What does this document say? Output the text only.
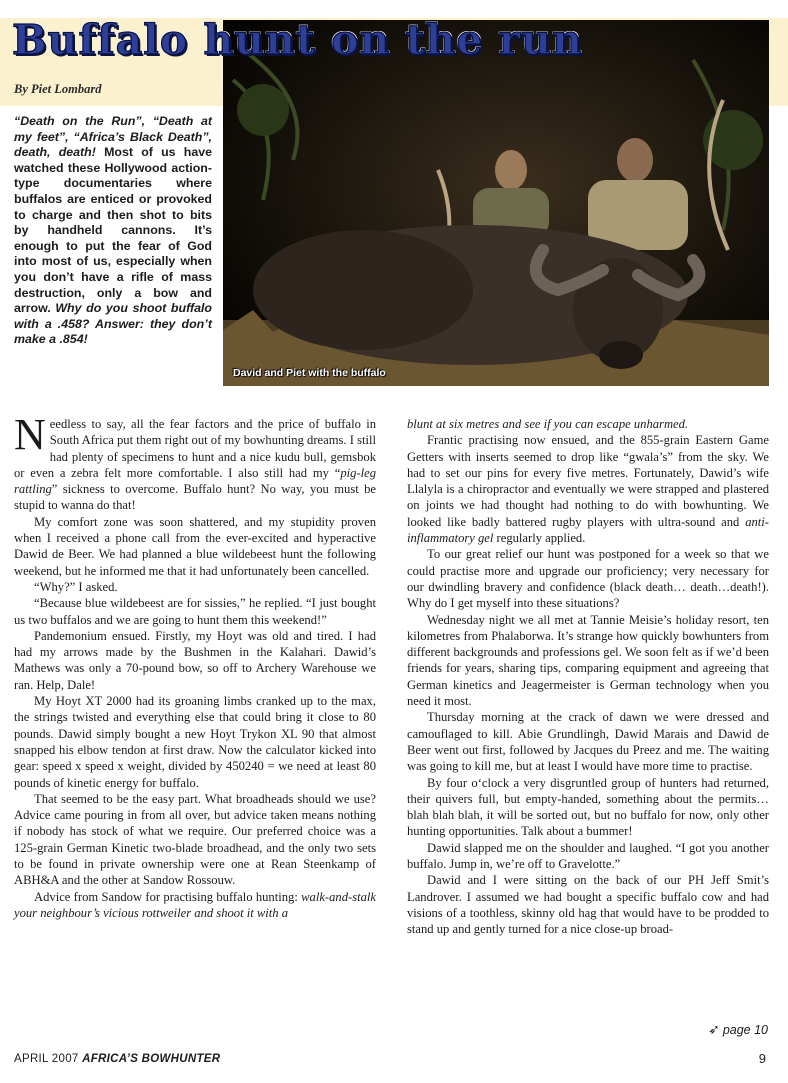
Buffalo hunt on the run
By Piet Lombard
David and Piet with the buffalo
“Death on the Run”, “Death at my feet”, “Africa’s Black Death”, death, death! Most of us have watched these Hollywood action-type documentaries where buffalos are enticed or provoked to charge and then shot to bits by handheld cannons. It’s enough to put the fear of God into most of us, especially when you don’t have a rifle of mass destruction, only a bow and arrow. Why do you shoot buffalo with a .458? Answer: they don’t make a .854!

Needless to say, all the fear factors and the price of buffalo in South Africa put them right out of my bowhunting dreams. I still had plenty of specimens to hunt and a nice kudu bull, gemsbok or even a zebra felt more comfortable. I also still had my “pig-leg rattling” sickness to overcome. Buffalo hunt? No way, you must be stupid to wanna do that!

My comfort zone was soon shattered, and my stupidity proven when I received a phone call from the ever-excited and hyperactive Dawid de Beer. We had planned a blue wildebeest hunt the following weekend, but he informed me that it had unfortunately been cancelled.

“Why?” I asked.

“Because blue wildebeest are for sissies,” he replied. “I just bought us two buffalos and we are going to hunt them this weekend!”

Pandemonium ensued. Firstly, my Hoyt was old and tired. I had had my arrows made by the Bushmen in the Kalahari. Dawid’s Mathews was only a 70-pound bow, so off to Archery Warehouse we ran. Help, Dale!

My Hoyt XT 2000 had its groaning limbs cranked up to the max, the strings twisted and everything else that could bring it close to 80 pounds. Dawid simply bought a new Hoyt Trykon XL 90 that almost snapped his elbow tendon at first draw. Now the calculator kicked into gear: speed x speed x weight, divided by 450240 = we need at least 80 pounds of kinetic energy for buffalo.

That seemed to be the easy part. What broadheads should we use? Advice came pouring in from all over, but advice taken means nothing if nobody has stock of what we require. Our preferred choice was a 125-grain German Kinetic two-blade broadhead, and the only two sets to be found in private ownership were one at Rean Steenkamp of ABH&A and the other at Sandow Rossouw.

Advice from Sandow for practising buffalo hunting: walk-and-stalk your neighbour’s vicious rottweiler and shoot it with a

blunt at six metres and see if you can escape unharmed.

Frantic practising now ensued, and the 855-grain Eastern Game Getters with inserts seemed to drop like “gwala’s” from the sky. We had to set our pins for every five metres. Fortunately, Dawid’s wife Llalyla is a chiropractor and eventually we were strapped and plastered on joints we had thought had nothing to do with bowhunting. We looked like badly battered rugby players with ultra-sound and anti-inflammatory gel regularly applied.

To our great relief our hunt was postponed for a week so that we could practise more and upgrade our proficiency; very necessary for our dwindling bravery and confidence (black death… death…death!). Why do I get myself into these situations?

Wednesday night we all met at Tannie Meisie’s holiday resort, ten kilometres from Phalaborwa. It’s strange how quickly bowhunters from different backgrounds and professions gel. We soon felt as if we’d been friends for years, sharing tips, comparing equipment and agreeing that German kinetics and Jeagermeister is German technology when you need it most.

Thursday morning at the crack of dawn we were dressed and camouflaged to kill. Abie Grundlingh, Dawid Marais and Dawid de Beer went out first, followed by Jacques du Preez and me. The waiting was going to kill me, but at least I would have more time to practise.

By four o‘clock a very disgruntled group of hunters had returned, their quivers full, but empty-handed, something about the permits… blah blah blah, it will be sorted out, but no buffalo for now, only other hunting opportunities. Talk about a bummer!

Dawid slapped me on the shoulder and laughed. “I got you another buffalo. Jump in, we’re off to Gravelotte.”

Dawid and I were sitting on the back of our PH Jeff Smit’s Landrover. I assumed we had bought a specific buffalo cow and had visions of a toothless, skinny old hag that would have to be prodded to stand up and gently turned for a nice close-up broad-

➶ page 10
APRIL 2007 AFRICA’S BOWHUNTER	9
